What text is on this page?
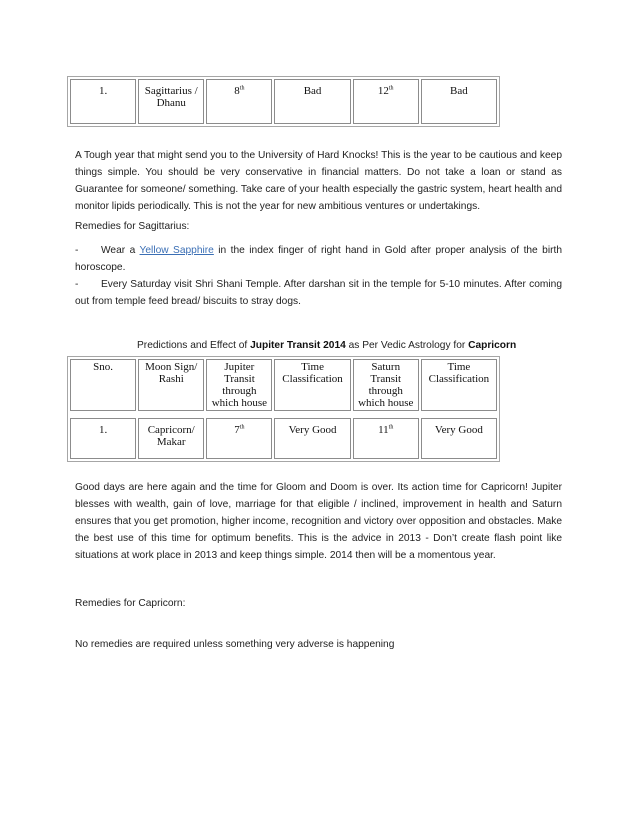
1.	Sagittarius / Dhanu	8th	Bad	12th	Bad
A Tough year that might send you to the University of Hard Knocks! This is the year to be cautious and keep things simple. You should be very conservative in financial matters. Do not take a loan or stand as Guarantee for someone/ something. Take care of your health especially the gastric system, heart health and monitor lipids periodically. This is not the year for new ambitious ventures or undertakings.
Remedies for Sagittarius:
- Wear a Yellow Sapphire in the index finger of right hand in Gold after proper analysis of the birth horoscope.
- Every Saturday visit Shri Shani Temple. After darshan sit in the temple for 5-10 minutes. After coming out from temple feed bread/ biscuits to stray dogs.
Predictions and Effect of Jupiter Transit 2014 as Per Vedic Astrology for Capricorn
Sno.	Moon Sign/ Rashi	Jupiter Transit through which house	Time Classification	Saturn Transit through which house	Time Classification

1.	Capricorn/ Makar	7th	Very Good	11th	Very Good
Good days are here again and the time for Gloom and Doom is over. Its action time for Capricorn! Jupiter blesses with wealth, gain of love, marriage for that eligible / inclined, improvement in health and Saturn ensures that you get promotion, higher income, recognition and victory over opposition and obstacles. Make the best use of this time for optimum benefits. This is the advice in 2013 - Don’t create flash point like situations at work place in 2013 and keep things simple. 2014 then will be a momentous year.
Remedies for Capricorn:
No remedies are required unless something very adverse is happening
